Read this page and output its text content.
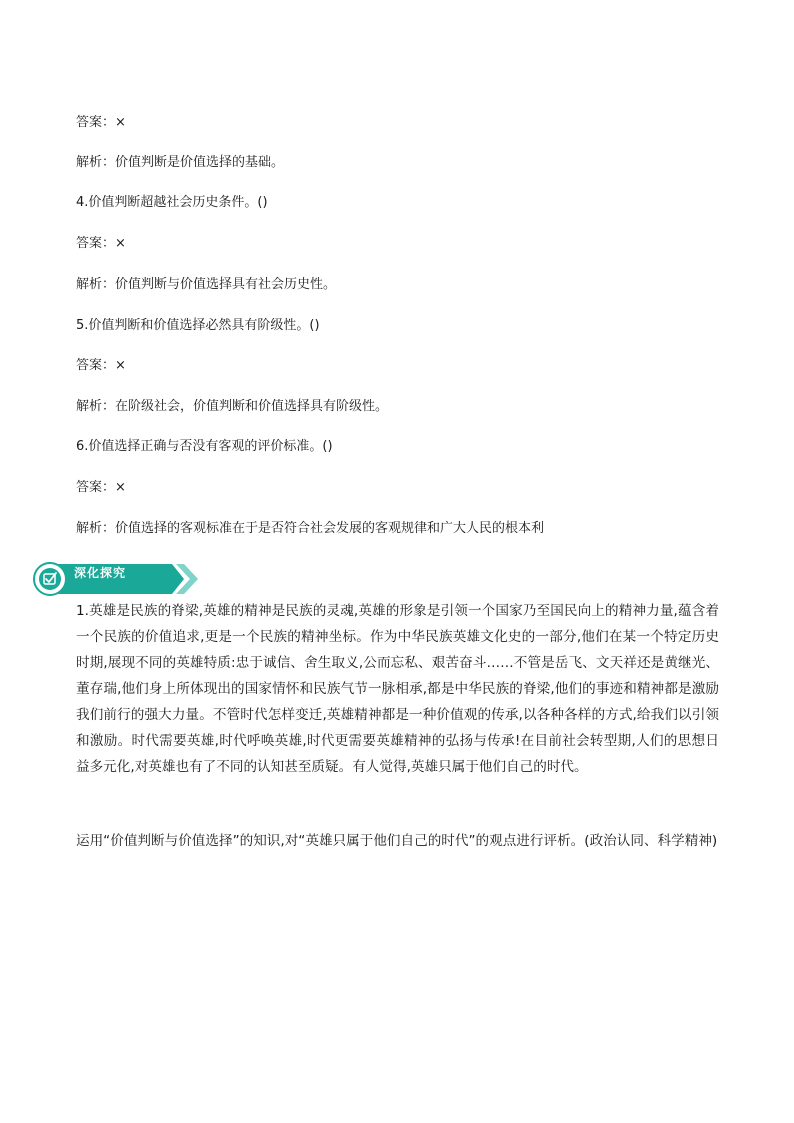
答案：×
解析：价值判断是价值选择的基础。
4.价值判断超越社会历史条件。()
答案：×
解析：价值判断与价值选择具有社会历史性。
5.价值判断和价值选择必然具有阶级性。()
答案：×
解析：在阶级社会，价值判断和价值选择具有阶级性。
6.价值选择正确与否没有客观的评价标准。()
答案：×
解析：价值选择的客观标准在于是否符合社会发展的客观规律和广大人民的根本利
深化探究

1.英雄是民族的脊梁,英雄的精神是民族的灵魂,英雄的形象是引领一个国家乃至国民向上的精神力量,蕴含着一个民族的价值追求,更是一个民族的精神坐标。作为中华民族英雄文化史的一部分,他们在某一个特定历史时期,展现不同的英雄特质:忠于诚信、舍生取义,公而忘私、艰苦奋斗……不管是岳飞、文天祥还是黄继光、董存瑞,他们身上所体现出的国家情怀和民族气节一脉相承,都是中华民族的脊梁,他们的事迹和精神都是激励我们前行的强大力量。不管时代怎样变迁,英雄精神都是一种价值观的传承,以各种各样的方式,给我们以引领和激励。时代需要英雄,时代呼唤英雄,时代更需要英雄精神的弘扬与传承!在目前社会转型期,人们的思想日益多元化,对英雄也有了不同的认知甚至质疑。有人觉得,英雄只属于他们自己的时代。

运用“价值判断与价值选择”的知识,对“英雄只属于他们自己的时代”的观点进行评析。(政治认同、科学精神)
